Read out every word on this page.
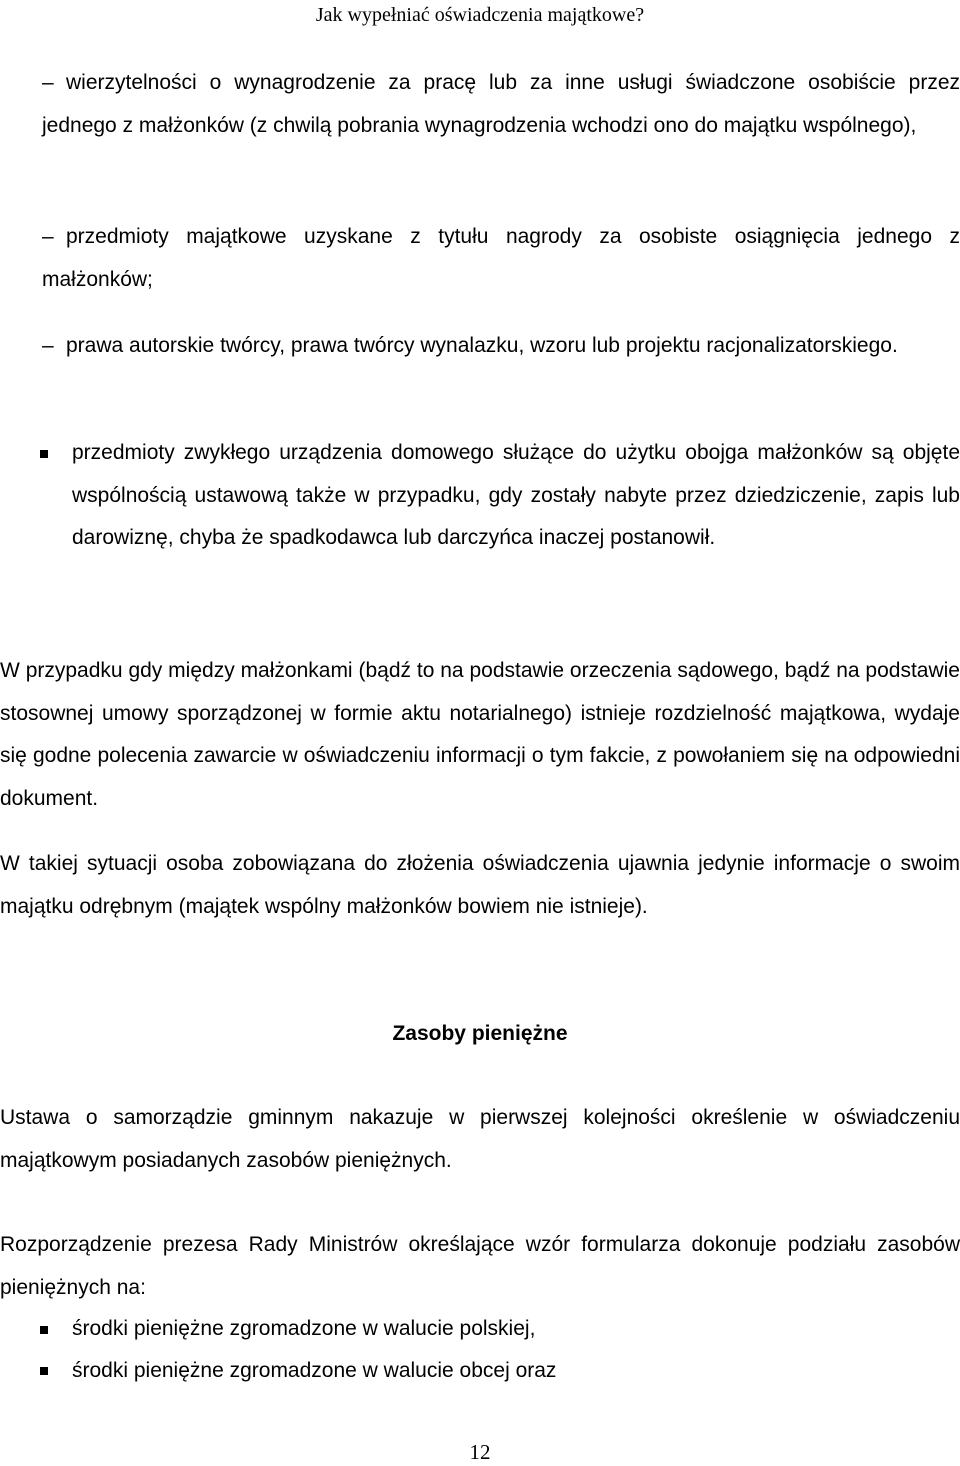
Jak wypełniać oświadczenia majątkowe?
– wierzytelności o wynagrodzenie za pracę lub za inne usługi świadczone osobiście przez jednego z małżonków (z chwilą pobrania wynagrodzenia wchodzi ono do majątku wspólnego),
– przedmioty majątkowe uzyskane z tytułu nagrody za osobiste osiągnięcia jednego z małżonków;
– prawa autorskie twórcy, prawa twórcy wynalazku, wzoru lub projektu racjonalizatorskiego.
przedmioty zwykłego urządzenia domowego służące do użytku obojga małżonków są objęte wspólnością ustawową także w przypadku, gdy zostały nabyte przez dziedziczenie, zapis lub darowiznę, chyba że spadkodawca lub darczyńca inaczej postanowił.
W przypadku gdy między małżonkami (bądź to na podstawie orzeczenia sądowego, bądź na podstawie stosownej umowy sporządzonej w formie aktu notarialnego) istnieje rozdzielność majątkowa, wydaje się godne polecenia zawarcie w oświadczeniu informacji o tym fakcie, z powołaniem się na odpowiedni dokument.
W takiej sytuacji osoba zobowiązana do złożenia oświadczenia ujawnia jedynie informacje o swoim majątku odrębnym (majątek wspólny małżonków bowiem nie istnieje).
Zasoby pieniężne
Ustawa o samorządzie gminnym nakazuje w pierwszej kolejności określenie w oświadczeniu majątkowym posiadanych zasobów pieniężnych.
Rozporządzenie prezesa Rady Ministrów określające wzór formularza dokonuje podziału zasobów pieniężnych na:
środki pieniężne zgromadzone w walucie polskiej,
środki pieniężne zgromadzone w walucie obcej oraz
12
